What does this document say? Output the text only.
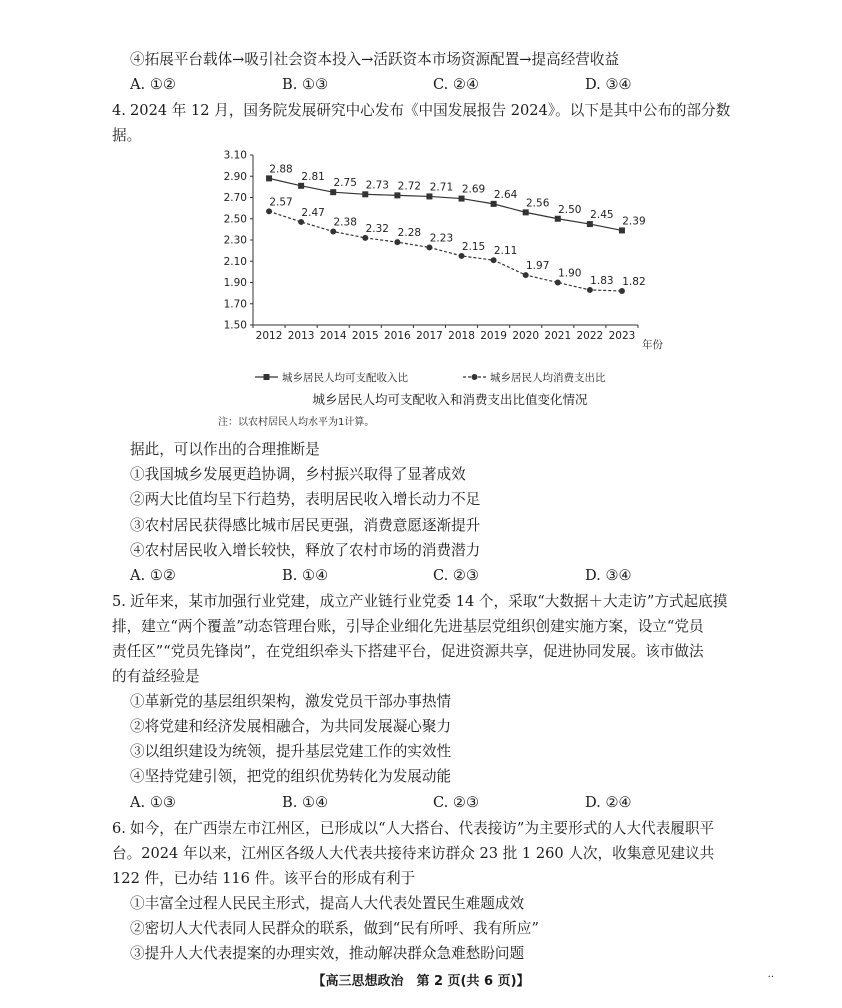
④拓展平台载体→吸引社会资本投入→活跃资本市场资源配置→提高经营收益
A. ①②	B. ①③	C. ②④	D. ③④
4. 2024 年 12 月，国务院发展研究中心发布《中国发展报告 2024》。以下是其中公布的部分数
据。
3.10
2.90
2.70
2.50
2.30
2.10
1.90
1.70
1.50
2012 2013 2014 2015 2016 2017 2018 2019 2020 2021 2022 2023
年份
2.88
2.81
2.75 2.73 2.72 2.71 2.69 2.64
2.56
2.50 2.45
2.39
2.57
2.47
2.38
2.32 2.28 2.23
2.15 2.11
1.97
1.90
1.83 1.82
城乡居民人均可支配收入比	城乡居民人均消费支出比
城乡居民人均可支配收入和消费支出比值变化情况
注：以农村居民人均水平为1计算。
据此，可以作出的合理推断是
①我国城乡发展更趋协调，乡村振兴取得了显著成效
②两大比值均呈下行趋势，表明居民收入增长动力不足
③农村居民获得感比城市居民更强，消费意愿逐渐提升
④农村居民收入增长较快，释放了农村市场的消费潜力
A. ①②	B. ①④	C. ②③	D. ③④
5. 近年来，某市加强行业党建，成立产业链行业党委 14 个，采取“大数据＋大走访”方式起底摸
排，建立“两个覆盖”动态管理台账，引导企业细化先进基层党组织创建实施方案，设立“党员
责任区”“党员先锋岗”，在党组织牵头下搭建平台，促进资源共享，促进协同发展。该市做法
的有益经验是
①革新党的基层组织架构，激发党员干部办事热情
②将党建和经济发展相融合，为共同发展凝心聚力
③以组织建设为统领，提升基层党建工作的实效性
④坚持党建引领，把党的组织优势转化为发展动能
A. ①③	B. ①④	C. ②③	D. ②④
6. 如今，在广西崇左市江州区，已形成以“人大搭台、代表接访”为主要形式的人大代表履职平
台。2024 年以来，江州区各级人大代表共接待来访群众 23 批 1 260 人次，收集意见建议共
122 件，已办结 116 件。该平台的形成有利于
①丰富全过程人民民主形式，提高人大代表处置民生难题成效
②密切人大代表同人民群众的联系，做到“民有所呼、我有所应”
③提升人大代表提案的办理实效，推动解决群众急难愁盼问题
【高三思想政治　第 2 页(共 6 页)】	··
